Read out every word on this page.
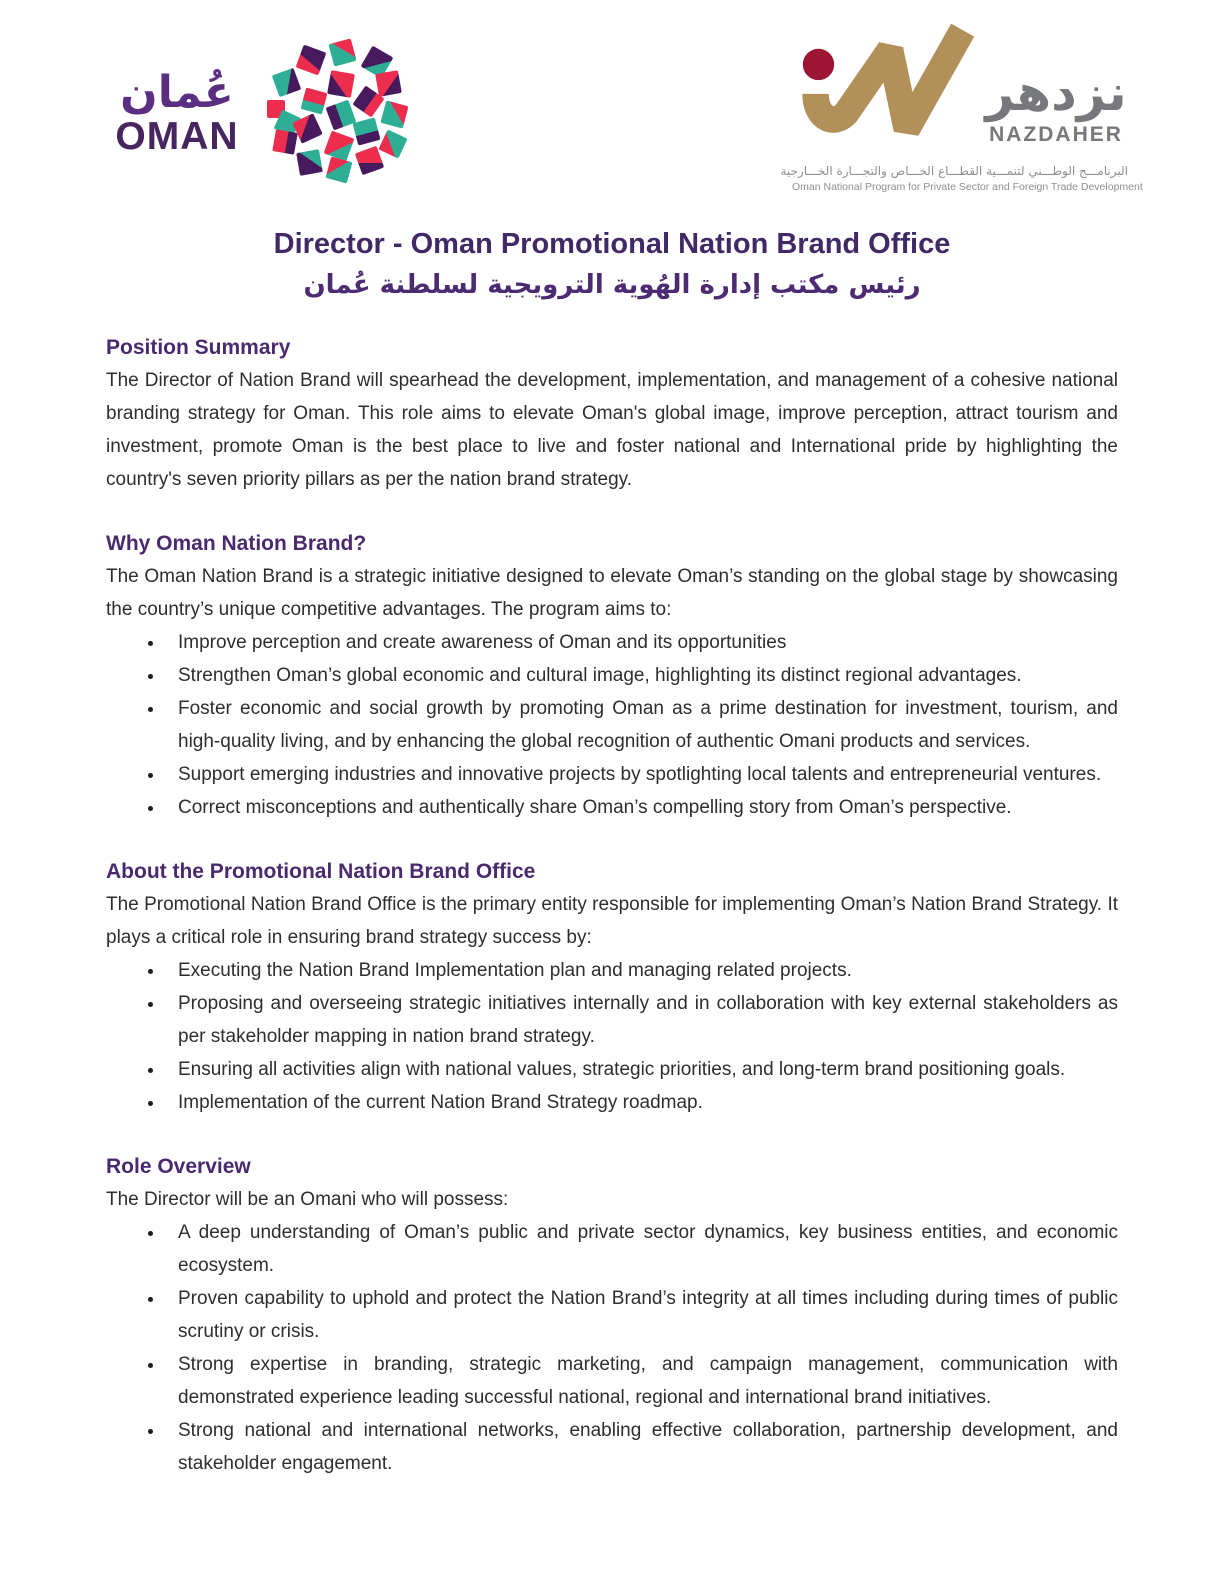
عُمان
OMAN
نزدهر
NAZDAHER
البرنامـــج الوطـــني لتنمـــية القطـــاع الخـــاص والتجـــارة الخـــارجية
Oman National Program for Private Sector and Foreign Trade Development
Director - Oman Promotional Nation Brand Office
رئيس مكتب إدارة الهُوية الترويجية لسلطنة عُمان
Position Summary

The Director of Nation Brand will spearhead the development, implementation, and management of a cohesive national branding strategy for Oman. This role aims to elevate Oman's global image, improve perception, attract tourism and investment, promote Oman is the best place to live and foster national and International pride by highlighting the country's seven priority pillars as per the nation brand strategy.

Why Oman Nation Brand?

The Oman Nation Brand is a strategic initiative designed to elevate Oman’s standing on the global stage by showcasing the country’s unique competitive advantages. The program aims to:

• Improve perception and create awareness of Oman and its opportunities
• Strengthen Oman’s global economic and cultural image, highlighting its distinct regional advantages.
• Foster economic and social growth by promoting Oman as a prime destination for investment, tourism, and high-quality living, and by enhancing the global recognition of authentic Omani products and services.
• Support emerging industries and innovative projects by spotlighting local talents and entrepreneurial ventures.
• Correct misconceptions and authentically share Oman’s compelling story from Oman’s perspective.
About the Promotional Nation Brand Office

The Promotional Nation Brand Office is the primary entity responsible for implementing Oman’s Nation Brand Strategy. It plays a critical role in ensuring brand strategy success by:

• Executing the Nation Brand Implementation plan and managing related projects.
• Proposing and overseeing strategic initiatives internally and in collaboration with key external stakeholders as per stakeholder mapping in nation brand strategy.
• Ensuring all activities align with national values, strategic priorities, and long-term brand positioning goals.
• Implementation of the current Nation Brand Strategy roadmap.
Role Overview

The Director will be an Omani who will possess:

• A deep understanding of Oman’s public and private sector dynamics, key business entities, and economic ecosystem.
• Proven capability to uphold and protect the Nation Brand’s integrity at all times including during times of public scrutiny or crisis.
• Strong expertise in branding, strategic marketing, and campaign management, communication with demonstrated experience leading successful national, regional and international brand initiatives.
• Strong national and international networks, enabling effective collaboration, partnership development, and stakeholder engagement.
